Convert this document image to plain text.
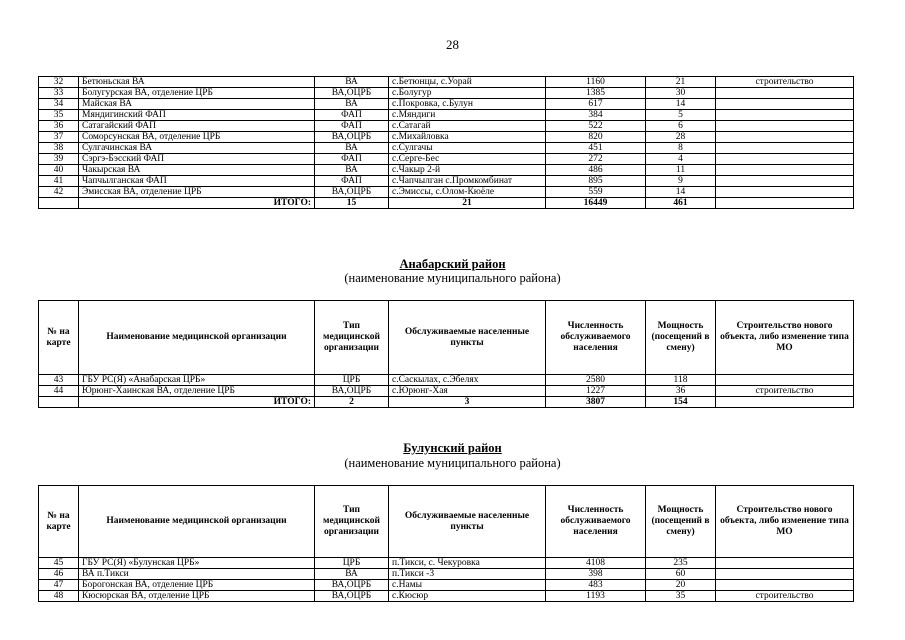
28
32	Бетюньская ВА	ВА	с.Бетюнцы, с.Уорай	1160	21	строительство
33	Болугурская ВА, отделение ЦРБ	ВА,ОЦРБ	с.Болугур	1385	30	
34	Майская ВА	ВА	с.Покровка, с.Булун	617	14	
35	Мяндигинский ФАП	ФАП	с.Мяндиги	384	5	
36	Сатагайский ФАП	ФАП	с.Сатагай	522	6	
37	Соморсунская ВА, отделение ЦРБ	ВА,ОЦРБ	с.Михайловка	820	28	
38	Сулгачинская ВА	ВА	с.Сулгачы	451	8	
39	Сэргэ-Бэсский ФАП	ФАП	с.Серге-Бес	272	4	
40	Чакырская ВА	ВА	с.Чакыр 2-й	486	11	
41	Чапчылганская ФАП	ФАП	с.Чапчылган с.Промкомбинат	895	9	
42	Эмисская ВА, отделение ЦРБ	ВА,ОЦРБ	с.Эмиссы, с.Олом-Кюёле	559	14	
	ИТОГО:	15	21	16449	461	
Анабарский район
(наименование муниципального района)
№ на карте	Наименование медицинской организации	Тип медицинской организации	Обслуживаемые населенные пункты	Численность обслуживаемого населения	Мощность (посещений в смену)	Строительство нового объекта, либо изменение типа МО
43	ГБУ РС(Я) «Анабарская ЦРБ»	ЦРБ	с.Саскылах, с.Эбелях	2580	118	
44	Юрюнг-Хаинская ВА, отделение ЦРБ	ВА,ОЦРБ	с.Юрюнг-Хая	1227	36	строительство
	ИТОГО:	2	3	3807	154	
Булунский район
(наименование муниципального района)
№ на карте	Наименование медицинской организации	Тип медицинской организации	Обслуживаемые населенные пункты	Численность обслуживаемого населения	Мощность (посещений в смену)	Строительство нового объекта, либо изменение типа МО
45	ГБУ РС(Я) «Булунская ЦРБ»	ЦРБ	п.Тикси, с. Чекуровка	4108	235	
46	ВА п.Тикси	ВА	п.Тикси -3	398	60	
47	Борогонская ВА, отделение ЦРБ	ВА,ОЦРБ	с.Намы	483	20	
48	Кюсюрская ВА, отделение ЦРБ	ВА,ОЦРБ	с.Кюсюр	1193	35	строительство
